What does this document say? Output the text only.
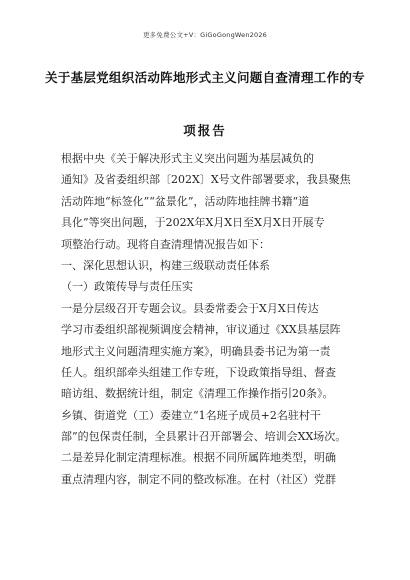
更多免费公文+V：GiGoGongWen2026
关于基层党组织活动阵地形式主义问题自查清理工作的专
项报告
根据中央《关于解决形式主义突出问题为基层减负的
通知》及省委组织部〔202X〕X号文件部署要求，我县聚焦
活动阵地“标签化”“盆景化”，活动阵地挂牌书籍“道
具化”等突出问题，于202X年X月X日至X月X日开展专
项整治行动。现将自查清理情况报告如下：
一、深化思想认识，构建三级联动责任体系
（一）政策传导与责任压实
一是分层级召开专题会议。县委常委会于X月X日传达
学习市委组织部视频调度会精神，审议通过《XX县基层阵
地形式主义问题清理实施方案》，明确县委书记为第一责
任人。组织部牵头组建工作专班，下设政策指导组、督查
暗访组、数据统计组，制定《清理工作操作指引20条》。
乡镇、街道党（工）委建立“1名班子成员+2名驻村干
部”的包保责任制，全县累计召开部署会、培训会XX场次。
二是差异化制定清理标准。根据不同所属阵地类型，明确
重点清理内容，制定不同的整改标准。在村（社区）党群
